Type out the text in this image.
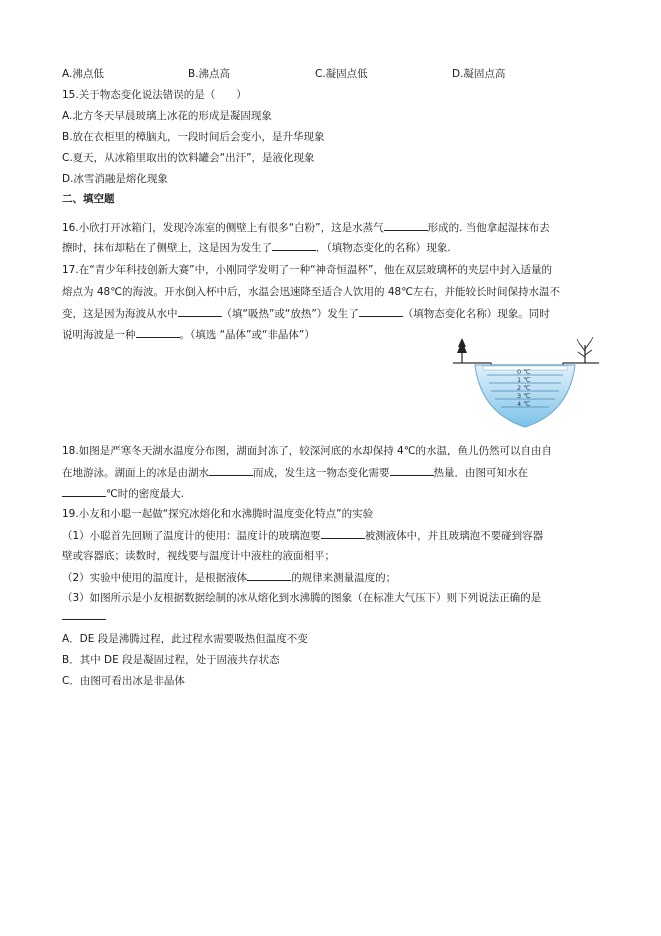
A.沸点低	B.沸点高	C.凝固点低	D.凝固点高
15.关于物态变化说法错误的是（　　）
A.北方冬天早晨玻璃上冰花的形成是凝固现象
B.放在衣柜里的樟脑丸，一段时间后会变小，是升华现象
C.夏天，从冰箱里取出的饮料罐会“出汗”，是液化现象
D.冰雪消融是熔化现象
二、填空题
16.小欣打开冰箱门，发现冷冻室的侧壁上有很多“白粉”，这是水蒸气	形成的. 当他拿起湿抹布去
擦时，抹布却粘在了侧壁上，这是因为发生了	．（填物态变化的名称）现象.
17.在“青少年科技创新大赛”中，小刚同学发明了一种“神奇恒温杯”，他在双层玻璃杯的夹层中封入适量的
熔点为 48℃的海波。开水倒入杯中后，水温会迅速降至适合人饮用的 48℃左右，并能较长时间保持水温不
变，这是因为海波从水中	（填“吸热”或“放热”）发生了	（填物态变化名称）现象。同时
说明海波是一种	。（填选 “晶体”或“非晶体”）
0 ℃
1 ℃
2 ℃
3 ℃
4 ℃
18.如图是严寒冬天湖水温度分布图，湖面封冻了，较深河底的水却保持 4℃的水温，鱼儿仍然可以自由自
在地游泳。湖面上的冰是由湖水	而成，发生这一物态变化需要	热量．由图可知水在
℃时的密度最大.
19.小友和小聪一起做“探究冰熔化和水沸腾时温度变化特点”的实验
（1）小聪首先回顾了温度计的使用：温度计的玻璃泡要	被测液体中，并且玻璃泡不要碰到容器
壁或容器底；读数时，视线要与温度计中液柱的液面相平；
（2）实验中使用的温度计，是根据液体	的规律来测量温度的；
（3）如图所示是小友根据数据绘制的冰从熔化到水沸腾的图象（在标准大气压下）则下列说法正确的是
A．DE 段是沸腾过程，此过程水需要吸热但温度不变
B．其中 DE 段是凝固过程，处于固液共存状态
C．由图可看出冰是非晶体
